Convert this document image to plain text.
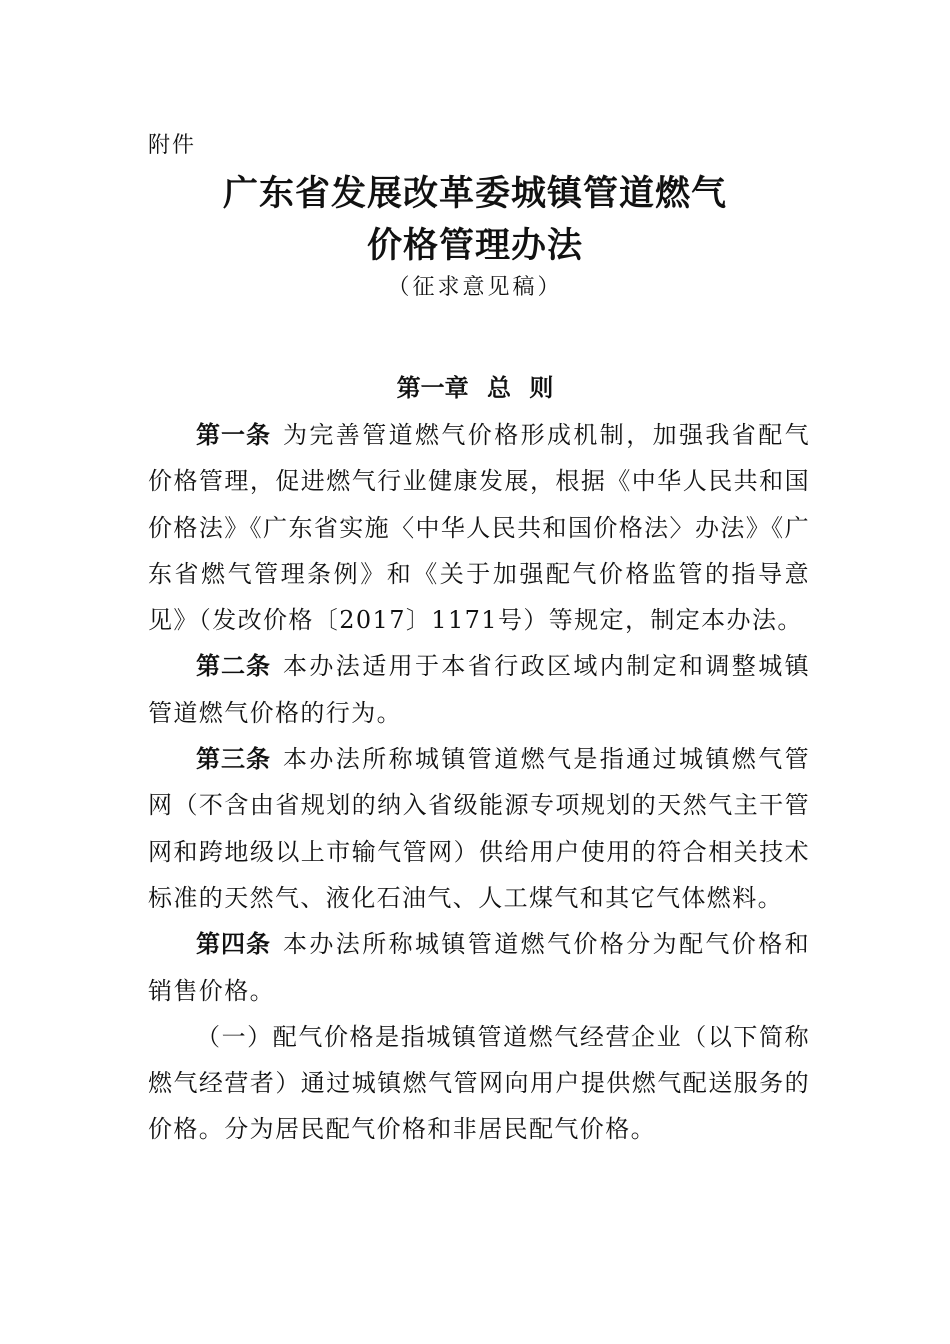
附件
广东省发展改革委城镇管道燃气
价格管理办法
（征求意见稿）
第一章 总 则

第一条 为完善管道燃气价格形成机制，加强我省配气价格管理，促进燃气行业健康发展，根据《中华人民共和国价格法》《广东省实施〈中华人民共和国价格法〉办法》《广东省燃气管理条例》和《关于加强配气价格监管的指导意见》（发改价格〔2017〕1171号）等规定，制定本办法。

第二条 本办法适用于本省行政区域内制定和调整城镇管道燃气价格的行为。

第三条 本办法所称城镇管道燃气是指通过城镇燃气管网（不含由省规划的纳入省级能源专项规划的天然气主干管网和跨地级以上市输气管网）供给用户使用的符合相关技术标准的天然气、液化石油气、人工煤气和其它气体燃料。

第四条 本办法所称城镇管道燃气价格分为配气价格和销售价格。

（一）配气价格是指城镇管道燃气经营企业（以下简称燃气经营者）通过城镇燃气管网向用户提供燃气配送服务的价格。分为居民配气价格和非居民配气价格。
